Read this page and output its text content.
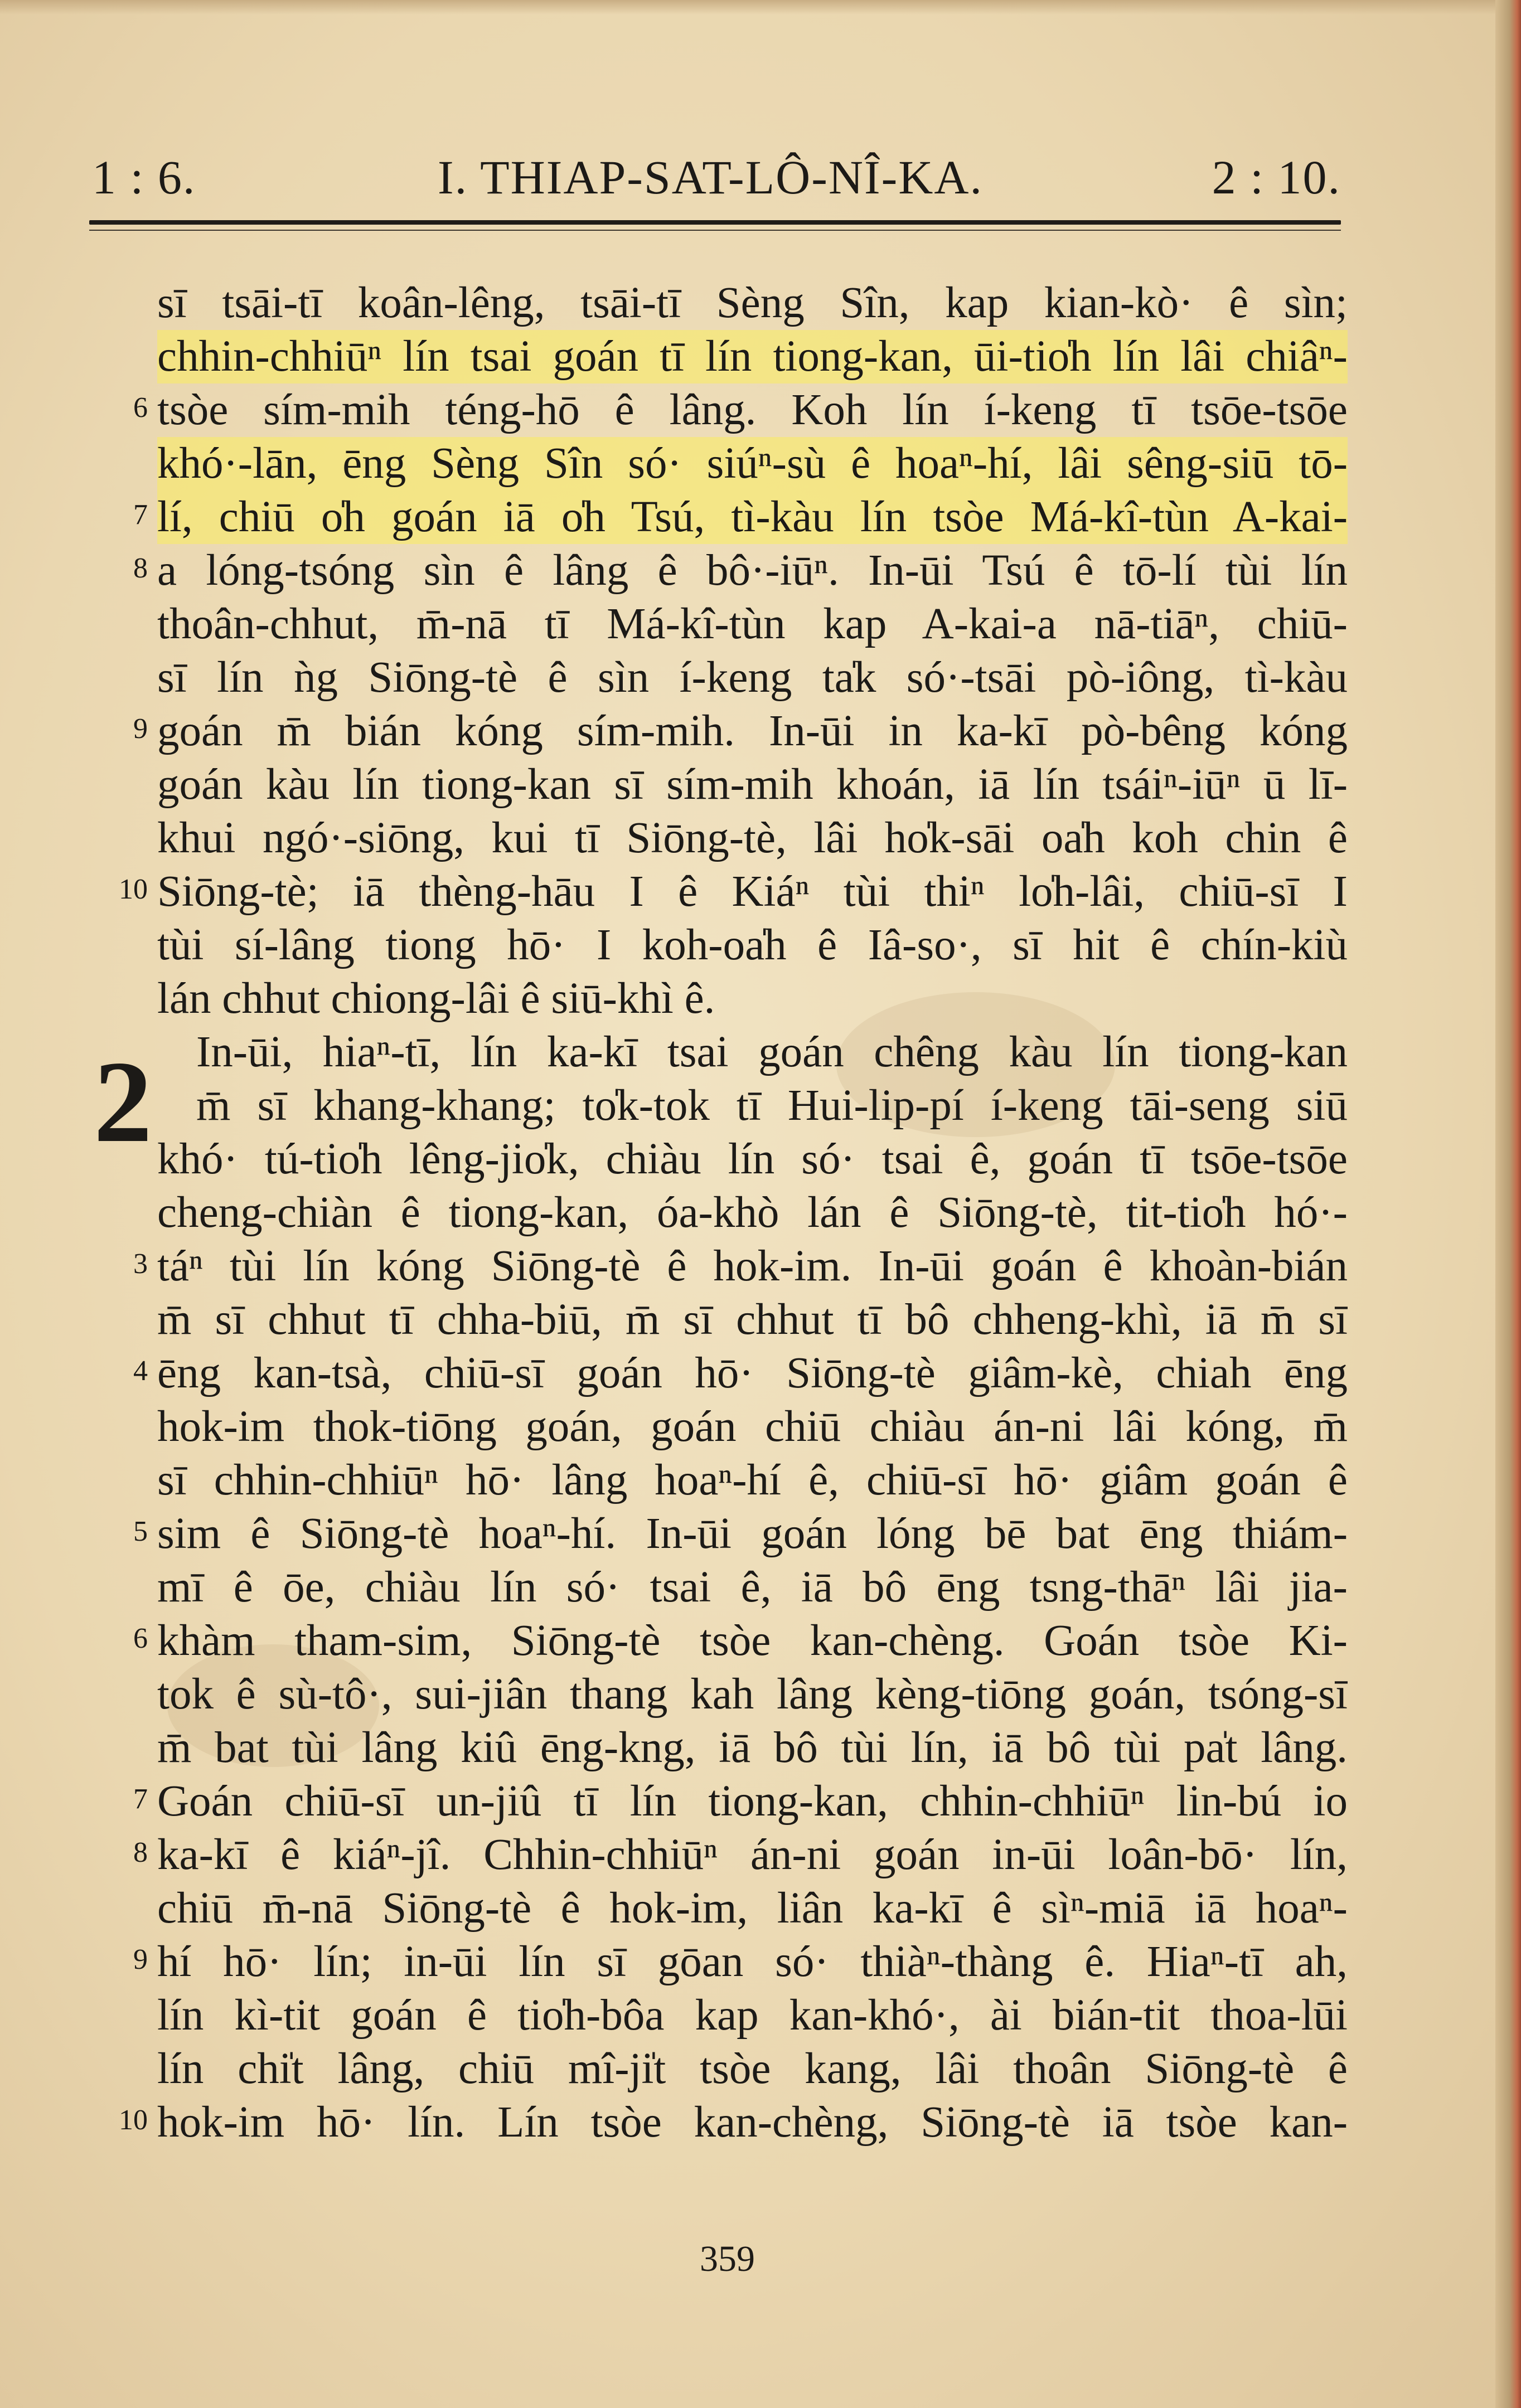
1 : 6.	I. THIAP-SAT-LÔ-NÎ-KA.	2 : 10.
sī tsāi-tī koân-lêng, tsāi-tī Sèng Sîn, kap kian-kò· ê sìn;
chhin-chhiūⁿ lín tsai goán tī lín tiong-kan, ūi-tio̍h lín lâi chiâⁿ-
tsòe sím-mih téng-hō ê lâng. Koh lín í-keng tī tsōe-tsōe
khó·-lān, ēng Sèng Sîn só· siúⁿ-sù ê hoaⁿ-hí, lâi sêng-siū tō-
lí, chiū o̍h goán iā o̍h Tsú, tì-kàu lín tsòe Má-kî-tùn A-kai-
a lóng-tsóng sìn ê lâng ê bô·-iūⁿ. In-ūi Tsú ê tō-lí tùi lín
thoân-chhut, m̄-nā tī Má-kî-tùn kap A-kai-a nā-tiāⁿ, chiū-
sī lín ǹg Siōng-tè ê sìn í-keng ta̍k só·-tsāi pò-iông, tì-kàu
goán m̄ bián kóng sím-mih. In-ūi in ka-kī pò-bêng kóng
goán kàu lín tiong-kan sī sím-mih khoán, iā lín tsáiⁿ-iūⁿ ū lī-
khui ngó·-siōng, kui tī Siōng-tè, lâi ho̍k-sāi oa̍h koh chin ê
Siōng-tè; iā thèng-hāu I ê Kiáⁿ tùi thiⁿ lo̍h-lâi, chiū-sī I
tùi sí-lâng tiong hō· I koh-oa̍h ê Iâ-so·, sī hit ê chín-kiù
lán chhut chiong-lâi ê siū-khì ê.
2 In-ūi, hiaⁿ-tī, lín ka-kī tsai goán chêng kàu lín tiong-kan
m̄ sī khang-khang; to̍k-tok tī Hui-lip-pí í-keng tāi-seng siū
khó· tú-tio̍h lêng-jio̍k, chiàu lín só· tsai ê, goán tī tsōe-tsōe
cheng-chiàn ê tiong-kan, óa-khò lán ê Siōng-tè, tit-tio̍h hó·-
táⁿ tùi lín kóng Siōng-tè ê hok-im. In-ūi goán ê khoàn-bián
m̄ sī chhut tī chha-biū, m̄ sī chhut tī bô chheng-khì, iā m̄ sī
ēng kan-tsà, chiū-sī goán hō· Siōng-tè giâm-kè, chiah ēng
hok-im thok-tiōng goán, goán chiū chiàu án-ni lâi kóng, m̄
sī chhin-chhiūⁿ hō· lâng hoaⁿ-hí ê, chiū-sī hō· giâm goán ê
sim ê Siōng-tè hoaⁿ-hí. In-ūi goán lóng bē bat ēng thiám-
mī ê ōe, chiàu lín só· tsai ê, iā bô ēng tsng-thāⁿ lâi jia-
khàm tham-sim, Siōng-tè tsòe kan-chèng. Goán tsòe Ki-
tok ê sù-tô·, sui-jiân thang kah lâng kèng-tiōng goán, tsóng-sī
m̄ bat tùi lâng kiû ēng-kng, iā bô tùi lín, iā bô tùi pa̍t lâng.
Goán chiū-sī un-jiû tī lín tiong-kan, chhin-chhiūⁿ lin-bú io
ka-kī ê kiáⁿ-jî. Chhin-chhiūⁿ án-ni goán in-ūi loân-bō· lín,
chiū m̄-nā Siōng-tè ê hok-im, liân ka-kī ê sìⁿ-miā iā hoaⁿ-
hí hō· lín; in-ūi lín sī gōan só· thiàⁿ-thàng ê. Hiaⁿ-tī ah,
lín kì-tit goán ê tio̍h-bôa kap kan-khó·, ài bián-tit thoa-lūi
lín chi̍t lâng, chiū mî-ji̍t tsòe kang, lâi thoân Siōng-tè ê
hok-im hō· lín. Lín tsòe kan-chèng, Siōng-tè iā tsòe kan-
6
7
8
9
10
3
4
5
6
7
8
9
10
359
